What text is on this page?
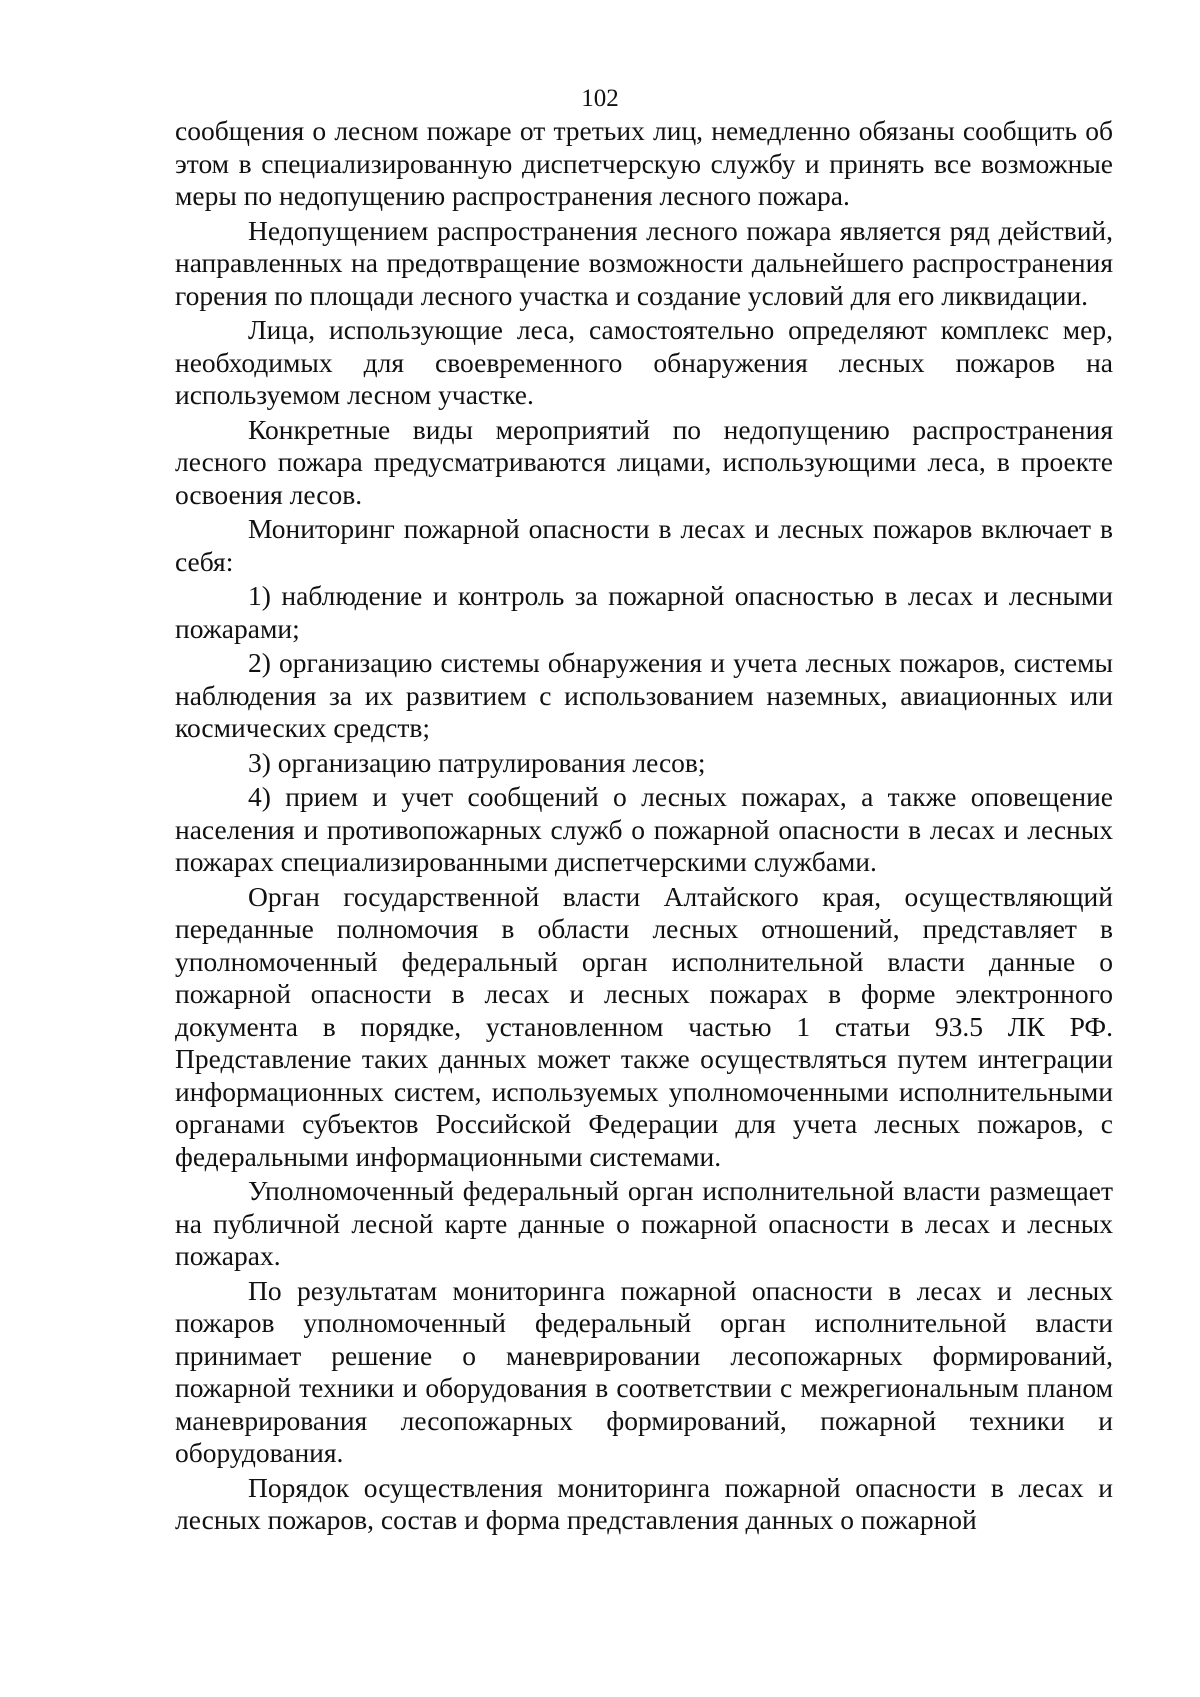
102

сообщения о лесном пожаре от третьих лиц, немедленно обязаны сообщить об этом в специализированную диспетчерскую службу и принять все возможные меры по недопущению распространения лесного пожара.

Недопущением распространения лесного пожара является ряд действий, направленных на предотвращение возможности дальнейшего распространения горения по площади лесного участка и создание условий для его ликвидации.

Лица, использующие леса, самостоятельно определяют комплекс мер, необходимых для своевременного обнаружения лесных пожаров на используемом лесном участке.

Конкретные виды мероприятий по недопущению распространения лесного пожара предусматриваются лицами, использующими леса, в проекте освоения лесов.

Мониторинг пожарной опасности в лесах и лесных пожаров включает в себя:

1) наблюдение и контроль за пожарной опасностью в лесах и лесными пожарами;

2) организацию системы обнаружения и учета лесных пожаров, системы наблюдения за их развитием с использованием наземных, авиационных или космических средств;

3) организацию патрулирования лесов;

4) прием и учет сообщений о лесных пожарах, а также оповещение населения и противопожарных служб о пожарной опасности в лесах и лесных пожарах специализированными диспетчерскими службами.

Орган государственной власти Алтайского края, осуществляющий переданные полномочия в области лесных отношений, представляет в уполномоченный федеральный орган исполнительной власти данные о пожарной опасности в лесах и лесных пожарах в форме электронного документа в порядке, установленном частью 1 статьи 93.5 ЛК РФ. Представление таких данных может также осуществляться путем интеграции информационных систем, используемых уполномоченными исполнительными органами субъектов Российской Федерации для учета лесных пожаров, с федеральными информационными системами.

Уполномоченный федеральный орган исполнительной власти размещает на публичной лесной карте данные о пожарной опасности в лесах и лесных пожарах.

По результатам мониторинга пожарной опасности в лесах и лесных пожаров уполномоченный федеральный орган исполнительной власти принимает решение о маневрировании лесопожарных формирований, пожарной техники и оборудования в соответствии с межрегиональным планом маневрирования лесопожарных формирований, пожарной техники и оборудования.

Порядок осуществления мониторинга пожарной опасности в лесах и лесных пожаров, состав и форма представления данных о пожарной
